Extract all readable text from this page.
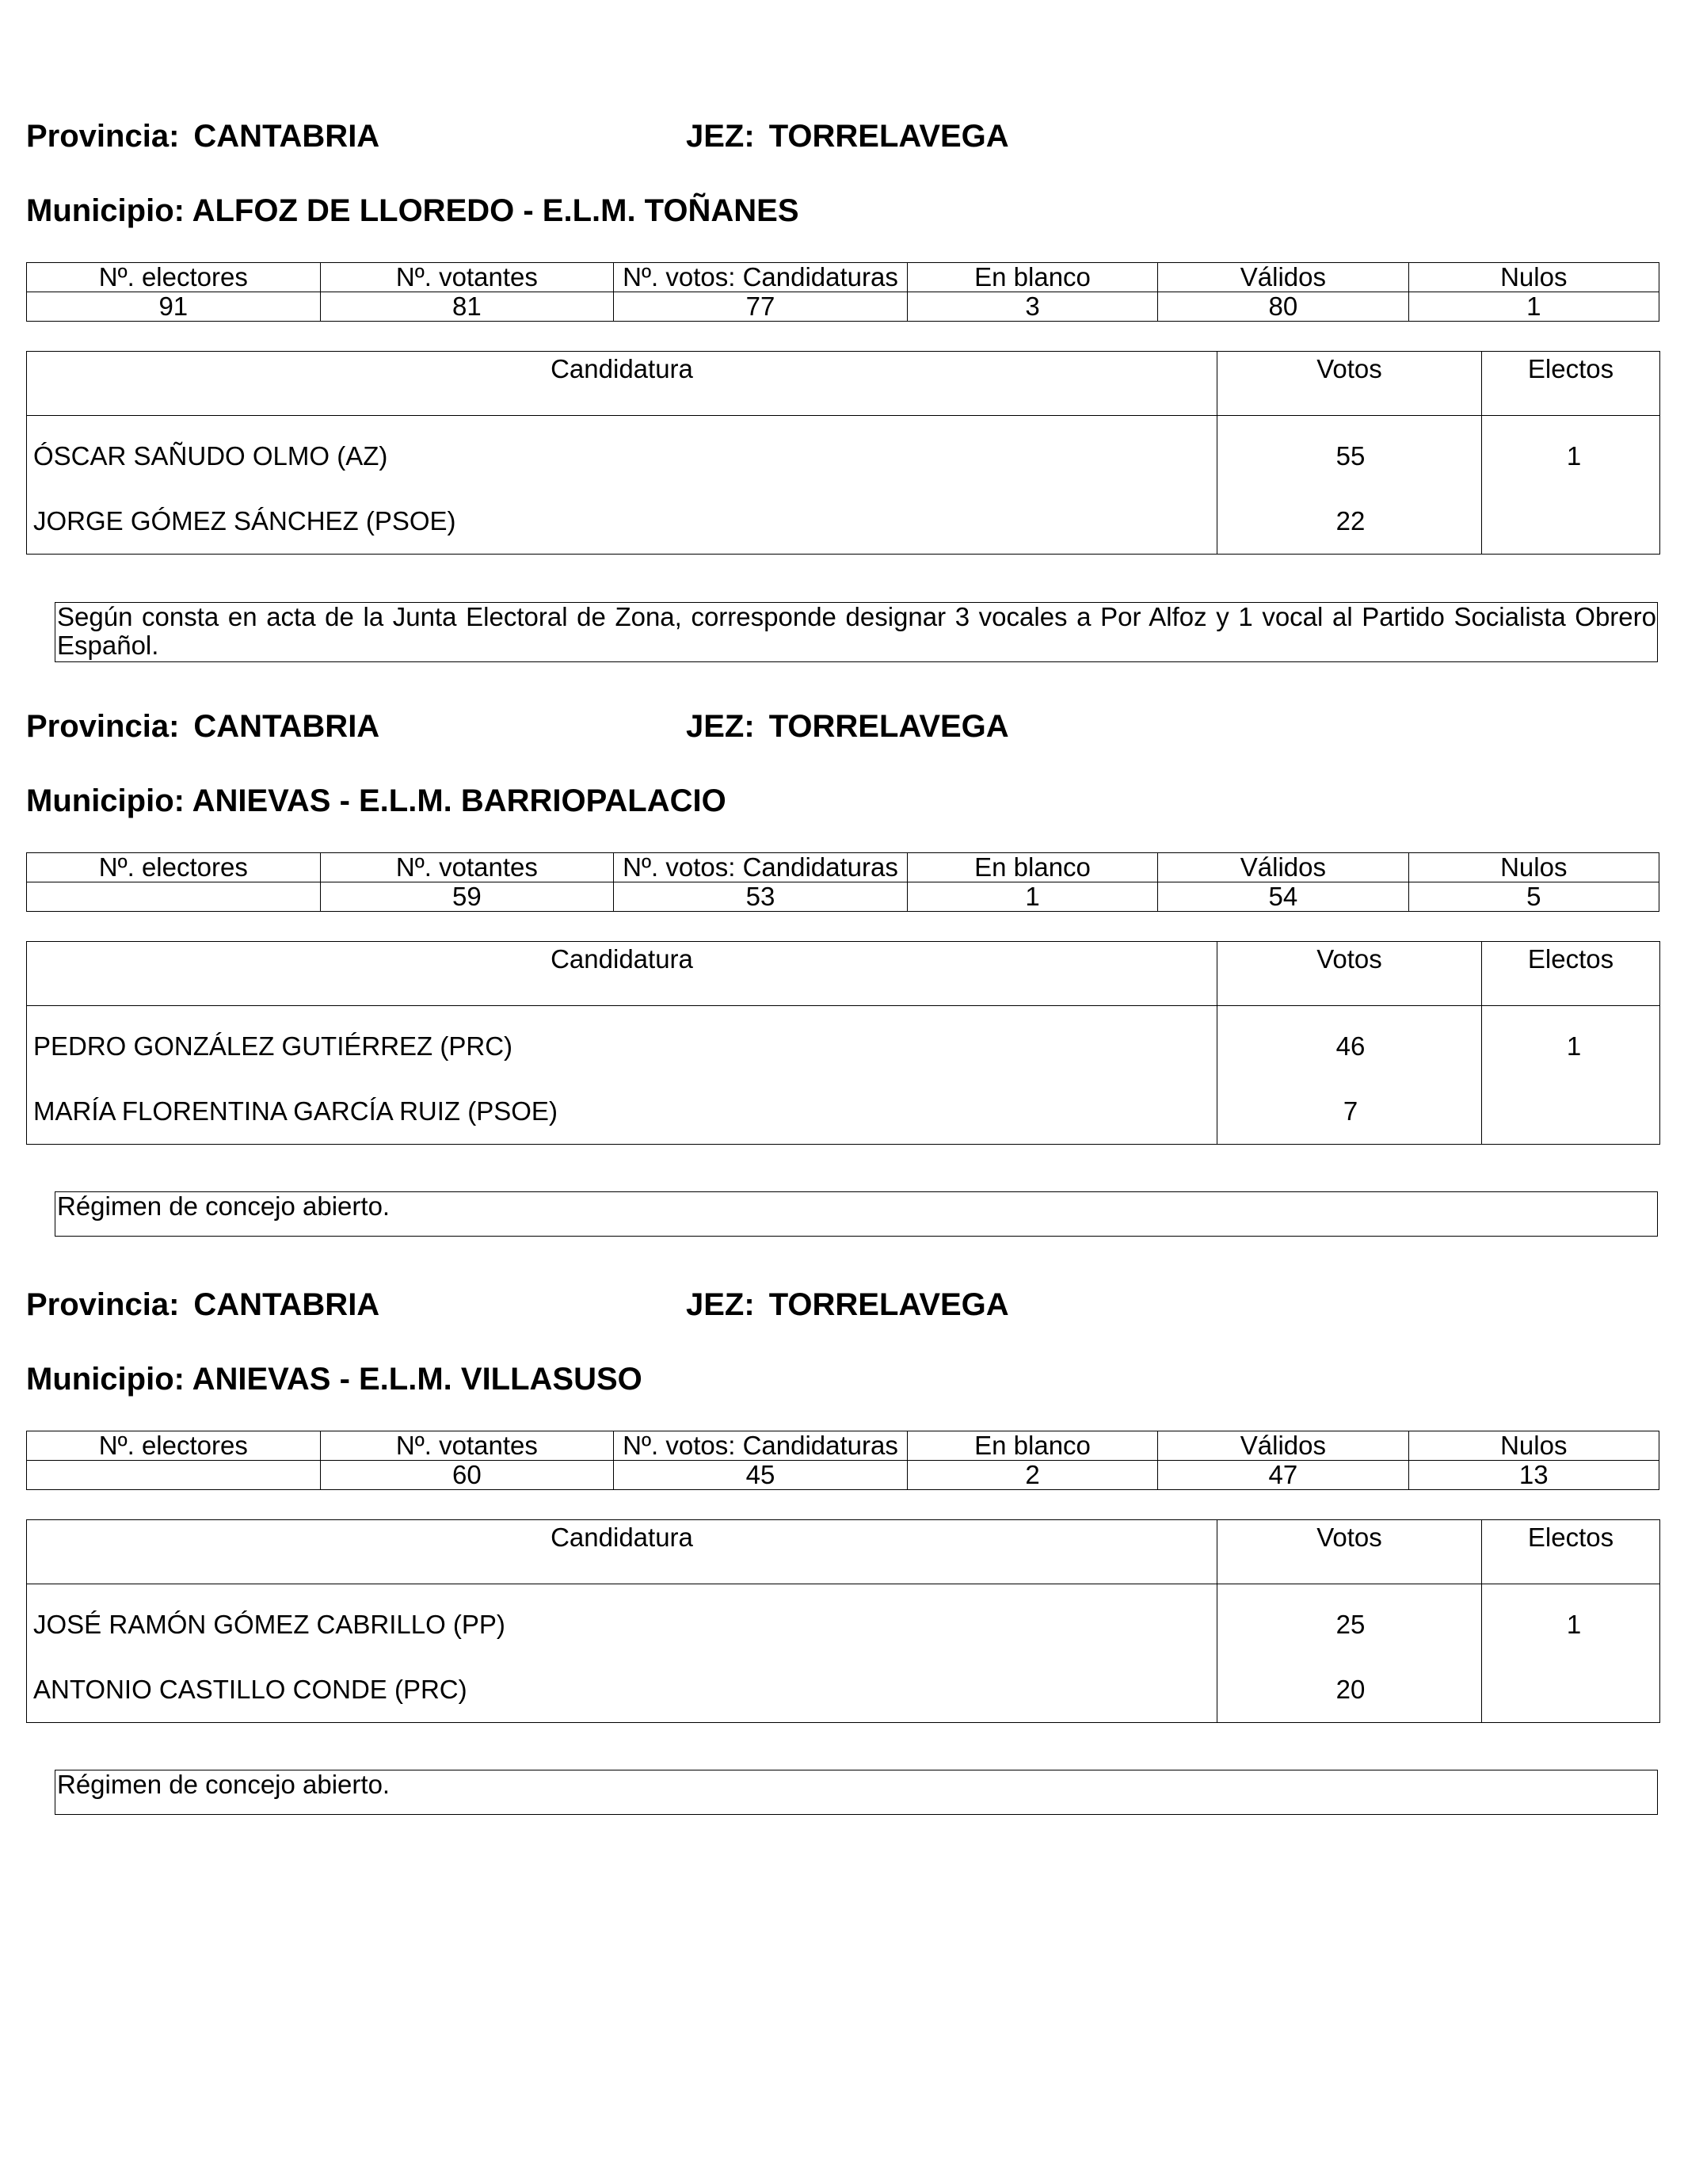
Provincia: CANTABRIA	JEZ: TORRELAVEGA
Municipio: ALFOZ DE LLOREDO - E.L.M. TOÑANES
Nº. electores	Nº. votantes	Nº. votos: Candidaturas	En blanco	Válidos	Nulos
91	81	77	3	80	1
Candidatura	Votos	Electos
ÓSCAR SAÑUDO OLMO (AZ)	55	1
JORGE GÓMEZ SÁNCHEZ (PSOE)	22	
Según consta en acta de la Junta Electoral de Zona, corresponde designar 3 vocales a Por Alfoz y 1 vocal al Partido Socialista Obrero Español.
Provincia: CANTABRIA	JEZ: TORRELAVEGA
Municipio: ANIEVAS - E.L.M. BARRIOPALACIO
Nº. electores	Nº. votantes	Nº. votos: Candidaturas	En blanco	Válidos	Nulos
	59	53	1	54	5
Candidatura	Votos	Electos
PEDRO GONZÁLEZ GUTIÉRREZ (PRC)	46	1
MARÍA FLORENTINA GARCÍA RUIZ (PSOE)	7	
Régimen de concejo abierto.
Provincia: CANTABRIA	JEZ: TORRELAVEGA
Municipio: ANIEVAS - E.L.M. VILLASUSO
Nº. electores	Nº. votantes	Nº. votos: Candidaturas	En blanco	Válidos	Nulos
	60	45	2	47	13
Candidatura	Votos	Electos
JOSÉ RAMÓN GÓMEZ CABRILLO (PP)	25	1
ANTONIO CASTILLO CONDE (PRC)	20	
Régimen de concejo abierto.
